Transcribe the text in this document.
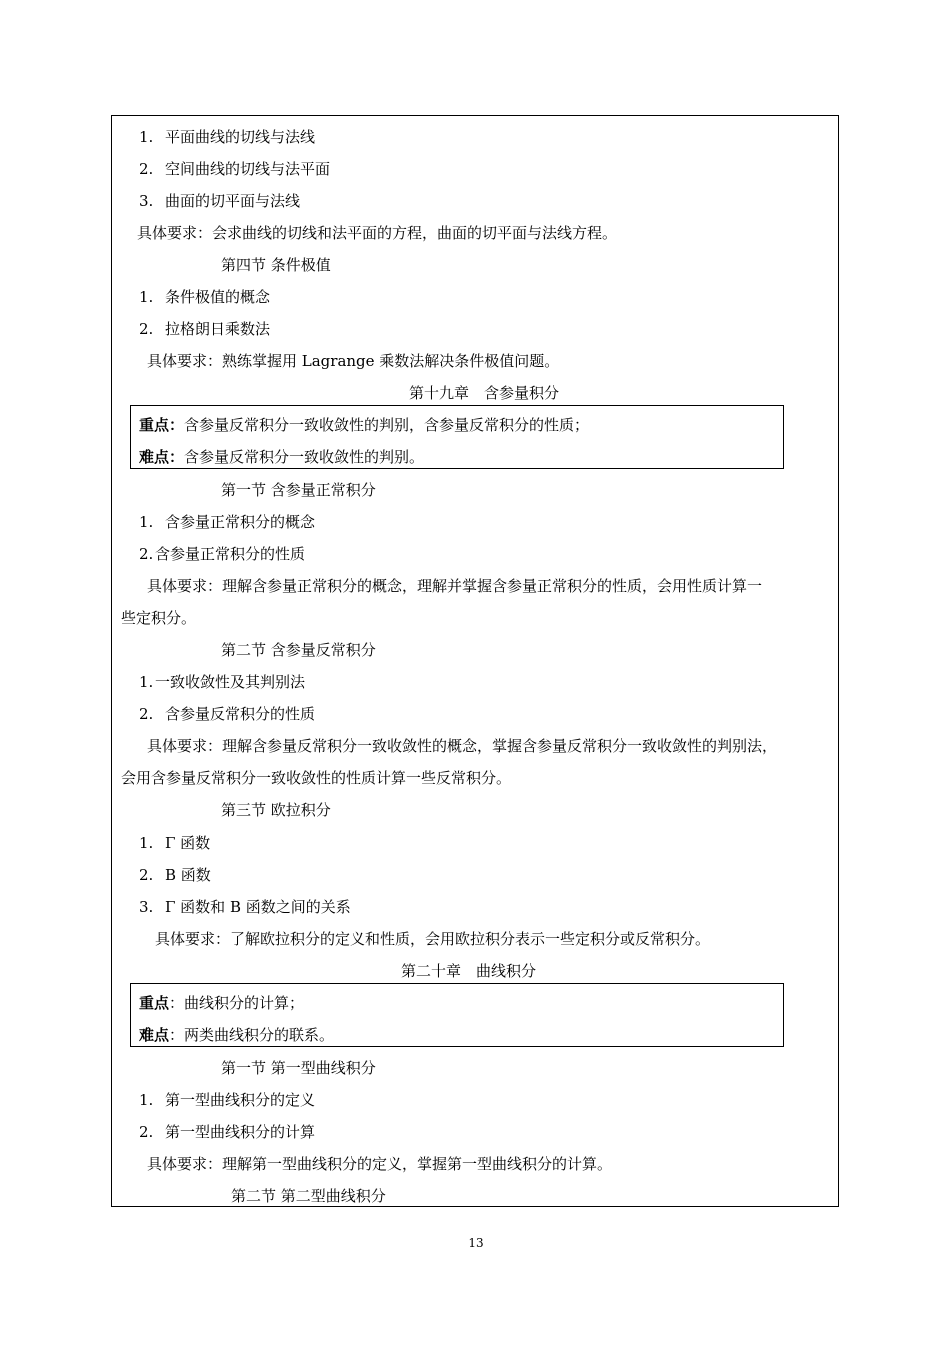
1. 平面曲线的切线与法线
2. 空间曲线的切线与法平面
3. 曲面的切平面与法线
具体要求：会求曲线的切线和法平面的方程，曲面的切平面与法线方程。
第四节 条件极值
1. 条件极值的概念
2. 拉格朗日乘数法
具体要求：熟练掌握用 Lagrange 乘数法解决条件极值问题。
第十九章　含参量积分
重点：含参量反常积分一致收敛性的判别，含参量反常积分的性质；
难点：含参量反常积分一致收敛性的判别。
第一节 含参量正常积分
1. 含参量正常积分的概念
2. 含参量正常积分的性质
具体要求：理解含参量正常积分的概念，理解并掌握含参量正常积分的性质，会用性质计算一
些定积分。
第二节 含参量反常积分
1. 一致收敛性及其判别法
2. 含参量反常积分的性质
具体要求：理解含参量反常积分一致收敛性的概念，掌握含参量反常积分一致收敛性的判别法，
会用含参量反常积分一致收敛性的性质计算一些反常积分。
第三节 欧拉积分
1. Γ 函数
2. B 函数
3. Γ 函数和 B 函数之间的关系
具体要求：了解欧拉积分的定义和性质，会用欧拉积分表示一些定积分或反常积分。
第二十章　曲线积分
重点：曲线积分的计算；
难点：两类曲线积分的联系。
第一节 第一型曲线积分
1. 第一型曲线积分的定义
2. 第一型曲线积分的计算
具体要求：理解第一型曲线积分的定义，掌握第一型曲线积分的计算。
第二节 第二型曲线积分
13
